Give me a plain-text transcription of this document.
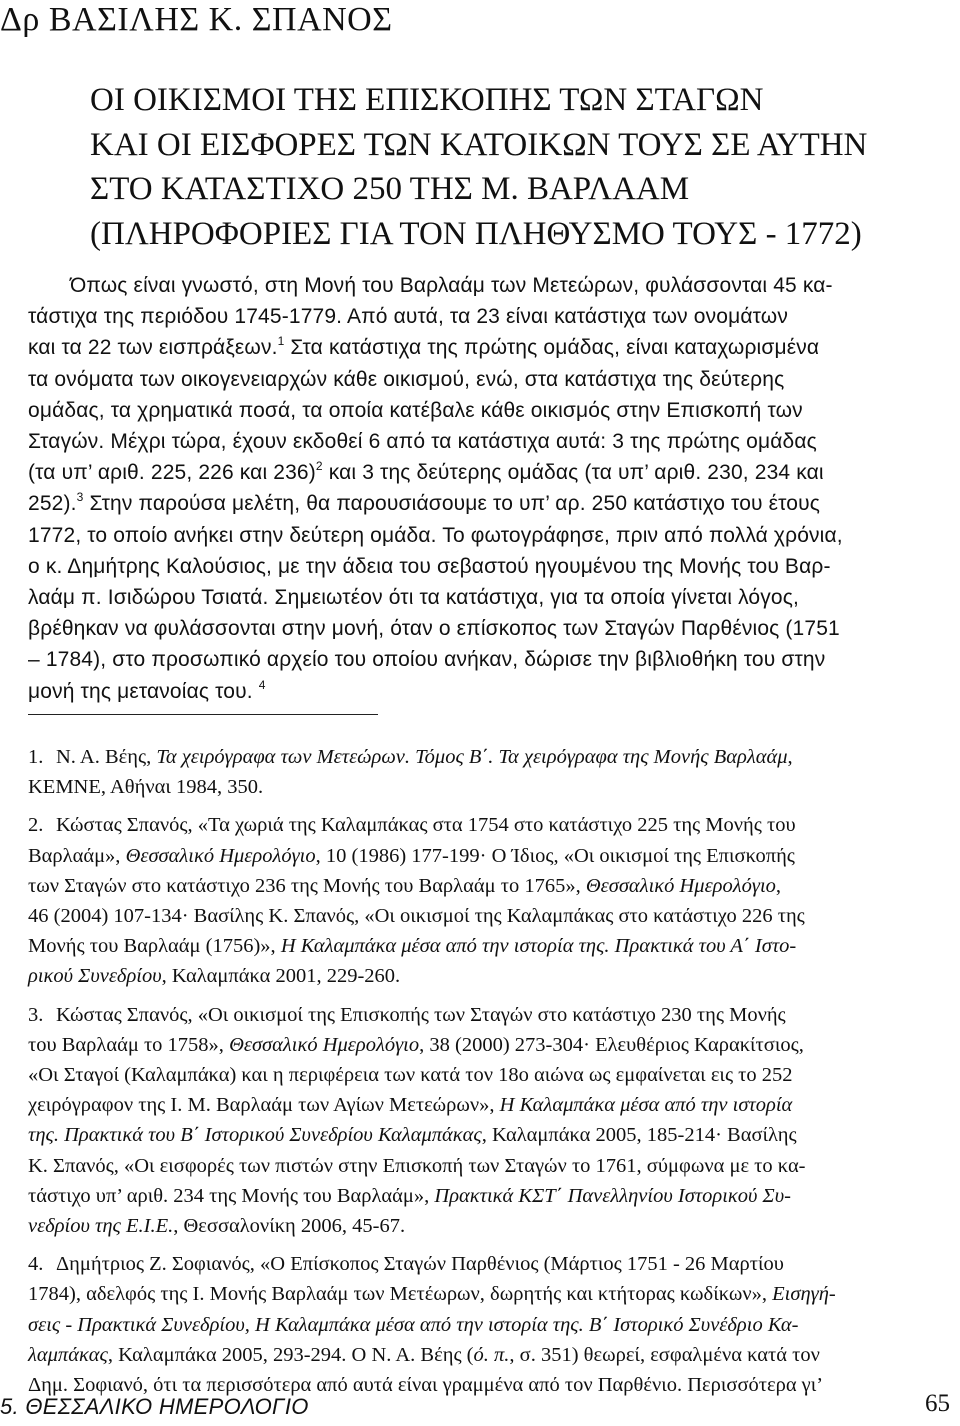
Δρ ΒΑΣΙΛΗΣ Κ. ΣΠΑΝΟΣ
ΟΙ ΟΙΚΙΣΜΟΙ ΤΗΣ ΕΠΙΣΚΟΠΗΣ ΤΩΝ ΣΤΑΓΩΝ
ΚΑΙ ΟΙ ΕΙΣΦΟΡΕΣ ΤΩΝ ΚΑΤΟΙΚΩΝ ΤΟΥΣ ΣΕ ΑΥΤΗΝ
ΣΤΟ ΚΑΤΑΣΤΙΧΟ 250 ΤΗΣ Μ. ΒΑΡΛΑΑΜ
(ΠΛΗΡΟΦΟΡΙΕΣ ΓΙΑ ΤΟΝ ΠΛΗΘΥΣΜΟ ΤΟΥΣ - 1772)
Όπως είναι γνωστό, στη Μονή του Βαρλαάμ των Μετεώρων, φυλάσσονται 45 κα-
τάστιχα της περιόδου 1745-1779. Από αυτά, τα 23 είναι κατάστιχα των ονομάτων
και τα 22 των εισπράξεων.$^1$ Στα κατάστιχα της πρώτης ομάδας, είναι καταχωρισμένα
τα ονόματα των οικογενειαρχών κάθε οικισμού, ενώ, στα κατάστιχα της δεύτερης
ομάδας, τα χρηματικά ποσά, τα οποία κατέβαλε κάθε οικισμός στην Επισκοπή των
Σταγών. Μέχρι τώρα, έχουν εκδοθεί 6 από τα κατάστιχα αυτά: 3 της πρώτης ομάδας
(τα υπ’ αριθ. 225, 226 και 236)$^2$ και 3 της δεύτερης ομάδας (τα υπ’ αριθ. 230, 234 και
252).$^3$ Στην παρούσα μελέτη, θα παρουσιάσουμε το υπ’ αρ. 250 κατάστιχο του έτους
1772, το οποίο ανήκει στην δεύτερη ομάδα. Το φωτογράφησε, πριν από πολλά χρόνια,
ο κ. Δημήτρης Καλούσιος, με την άδεια του σεβαστού ηγουμένου της Μονής του Βαρ-
λαάμ π. Ισιδώρου Τσιατά. Σημειωτέον ότι τα κατάστιχα, για τα οποία γίνεται λόγος,
βρέθηκαν να φυλάσσονται στην μονή, όταν ο επίσκοπος των Σταγών Παρθένιος (1751
– 1784), στο προσωπικό αρχείο του οποίου ανήκαν, δώρισε την βιβλιοθήκη του στην
μονή της μετανοίας του. $^4$
1. Ν. Α. Βέης, Τα χειρόγραφα των Μετεώρων. Τόμος Β΄. Τα χειρόγραφα της Μονής Βαρλαάμ,
ΚΕΜΝΕ, Αθήναι 1984, 350.
2. Κώστας Σπανός, «Τα χωριά της Καλαμπάκας στα 1754 στο κατάστιχο 225 της Μονής του
Βαρλαάμ», Θεσσαλικό Ημερολόγιο, 10 (1986) 177-199· Ο Ίδιος, «Οι οικισμοί της Επισκοπής
των Σταγών στο κατάστιχο 236 της Μονής του Βαρλαάμ το 1765», Θεσσαλικό Ημερολόγιο,
46 (2004) 107-134· Βασίλης Κ. Σπανός, «Οι οικισμοί της Καλαμπάκας στο κατάστιχο 226 της
Μονής του Βαρλαάμ (1756)», Η Καλαμπάκα μέσα από την ιστορία της. Πρακτικά του Α΄ Ιστο-
ρικού Συνεδρίου, Καλαμπάκα 2001, 229-260.
3. Κώστας Σπανός, «Οι οικισμοί της Επισκοπής των Σταγών στο κατάστιχο 230 της Μονής
του Βαρλαάμ το 1758», Θεσσαλικό Ημερολόγιο, 38 (2000) 273-304· Ελευθέριος Καρακίτσιος,
«Οι Σταγοί (Καλαμπάκα) και η περιφέρεια των κατά τον 18ο αιώνα ως εμφαίνεται εις το 252
χειρόγραφον της Ι. Μ. Βαρλαάμ των Αγίων Μετεώρων», Η Καλαμπάκα μέσα από την ιστορία
της. Πρακτικά του Β΄ Ιστορικού Συνεδρίου Καλαμπάκας, Καλαμπάκα 2005, 185-214· Βασίλης
Κ. Σπανός, «Οι εισφορές των πιστών στην Επισκοπή των Σταγών το 1761, σύμφωνα με το κα-
τάστιχο υπ’ αριθ. 234 της Μονής του Βαρλαάμ», Πρακτικά ΚΣΤ΄ Πανελληνίου Ιστορικού Συ-
νεδρίου της Ε.Ι.Ε., Θεσσαλονίκη 2006, 45-67.
4. Δημήτριος Ζ. Σοφιανός, «Ο Επίσκοπος Σταγών Παρθένιος (Μάρτιος 1751 - 26 Μαρτίου
1784), αδελφός της Ι. Μονής Βαρλαάμ των Μετέωρων, δωρητής και κτήτορας κωδίκων», Εισηγή-
σεις - Πρακτικά Συνεδρίου, Η Καλαμπάκα μέσα από την ιστορία της. Β΄ Ιστορικό Συνέδριο Κα-
λαμπάκας, Καλαμπάκα 2005, 293-294. Ο Ν. Α. Βέης (ό. π., σ. 351) θεωρεί, εσφαλμένα κατά τον
Δημ. Σοφιανό, ότι τα περισσότερα από αυτά είναι γραμμένα από τον Παρθένιο. Περισσότερα γι’
5. ΘΕΣΣΑΛΙΚΟ ΗΜΕΡΟΛΟΓΙΟ	65
